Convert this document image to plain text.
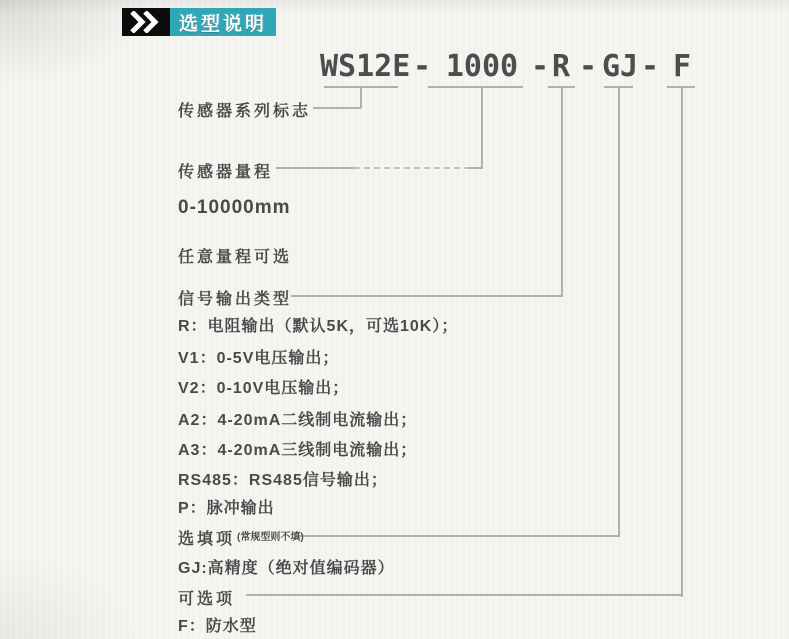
选型说明
WS12E - 1000 - R - GJ - F
传感器系列标志
传感器量程
0-10000mm
任意量程可选
信号输出类型
R：电阻输出（默认5K，可选10K）；
V1：0-5V电压输出；
V2：0-10V电压输出；
A2：4-20mA二线制电流输出；
A3：4-20mA三线制电流输出；
RS485：RS485信号输出；
P：脉冲输出
选填项 $^{(常规型则不填)}$
GJ:高精度（绝对值编码器）
可选项
F：防水型
